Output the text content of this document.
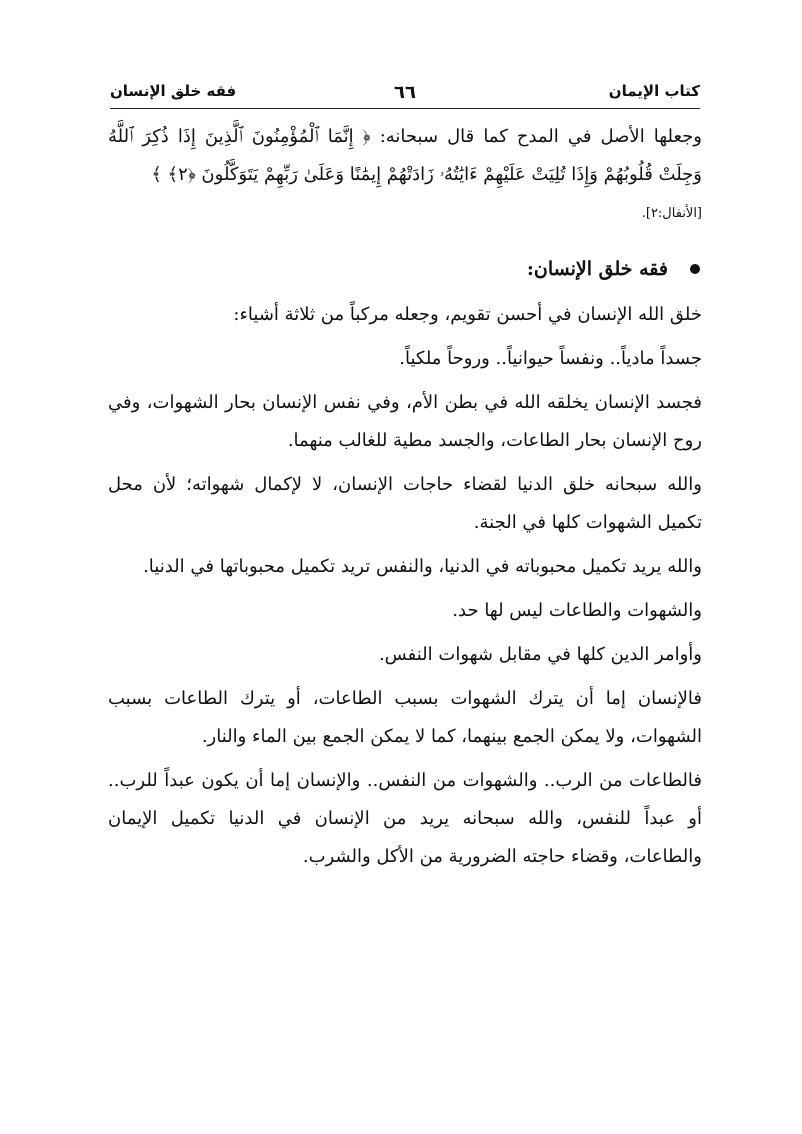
كتاب الإيمان
٦٦
فقه خلق الإنسان

وجعلها الأصل في المدح كما قال سبحانه: ﴿ إِنَّمَا ٱلْمُؤْمِنُونَ ٱلَّذِينَ إِذَا ذُكِرَ ٱللَّهُ وَجِلَتْ قُلُوبُهُمْ وَإِذَا تُلِيَتْ عَلَيْهِمْ ءَايَٰتُهُۥ زَادَتْهُمْ إِيمَٰنًا وَعَلَىٰ رَبِّهِمْ يَتَوَكَّلُونَ ﴿٢﴾ ﴾

[الأنفال:٢].

فقه خلق الإنسان:

خلق الله الإنسان في أحسن تقويم، وجعله مركباً من ثلاثة أشياء:

جسداً مادياً.. ونفساً حيوانياً.. وروحاً ملكياً.

فجسد الإنسان يخلقه الله في بطن الأم، وفي نفس الإنسان بحار الشهوات، وفي روح الإنسان بحار الطاعات، والجسد مطية للغالب منهما.

والله سبحانه خلق الدنيا لقضاء حاجات الإنسان، لا لإكمال شهواته؛ لأن محل تكميل الشهوات كلها في الجنة.

والله يريد تكميل محبوباته في الدنيا، والنفس تريد تكميل محبوباتها في الدنيا.

والشهوات والطاعات ليس لها حد.

وأوامر الدين كلها في مقابل شهوات النفس.

فالإنسان إما أن يترك الشهوات بسبب الطاعات، أو يترك الطاعات بسبب الشهوات، ولا يمكن الجمع بينهما، كما لا يمكن الجمع بين الماء والنار.

فالطاعات من الرب.. والشهوات من النفس.. والإنسان إما أن يكون عبداً للرب.. أو عبداً للنفس، والله سبحانه يريد من الإنسان في الدنيا تكميل الإيمان والطاعات، وقضاء حاجته الضرورية من الأكل والشرب.
